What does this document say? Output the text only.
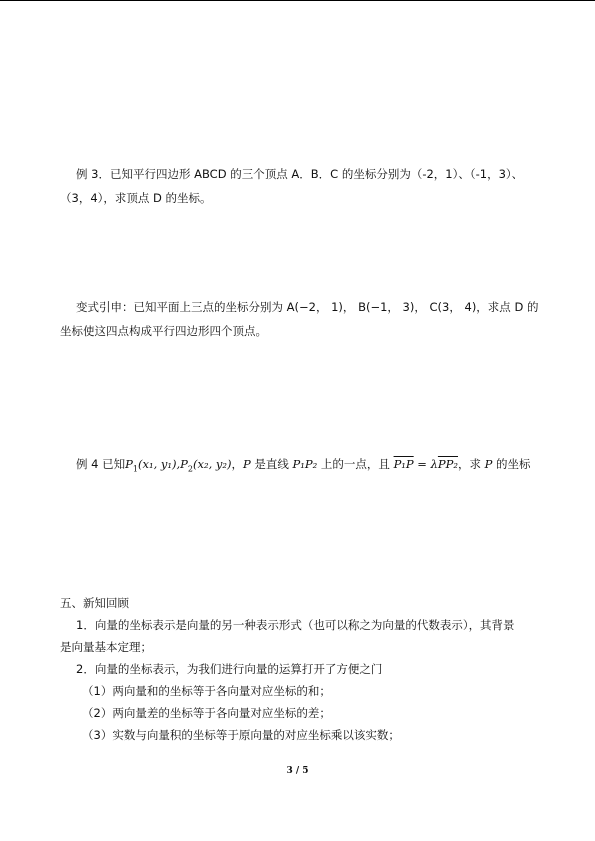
例 3．已知平行四边形 ABCD 的三个顶点 A．B．C 的坐标分别为（-2，1）、（-1，3）、
（3，4），求顶点 D 的坐标。
变式引申：已知平面上三点的坐标分别为 A(−2， 1)， B(−1， 3)， C(3， 4)，求点 D 的
坐标使这四点构成平行四边形四个顶点。
例 4 已知$P_1(x_1$, $y_1),P_2(x_2$, y₂)，P 是直线 P₁P₂ 上的一点，且 P₁P = λPP₂，求 P 的坐标
五、新知回顾
1．向量的坐标表示是向量的另一种表示形式（也可以称之为向量的代数表示），其背景
是向量基本定理；
2．向量的坐标表示，为我们进行向量的运算打开了方便之门
（1）两向量和的坐标等于各向量对应坐标的和；
（2）两向量差的坐标等于各向量对应坐标的差；
（3）实数与向量积的坐标等于原向量的对应坐标乘以该实数；
3 / 5
